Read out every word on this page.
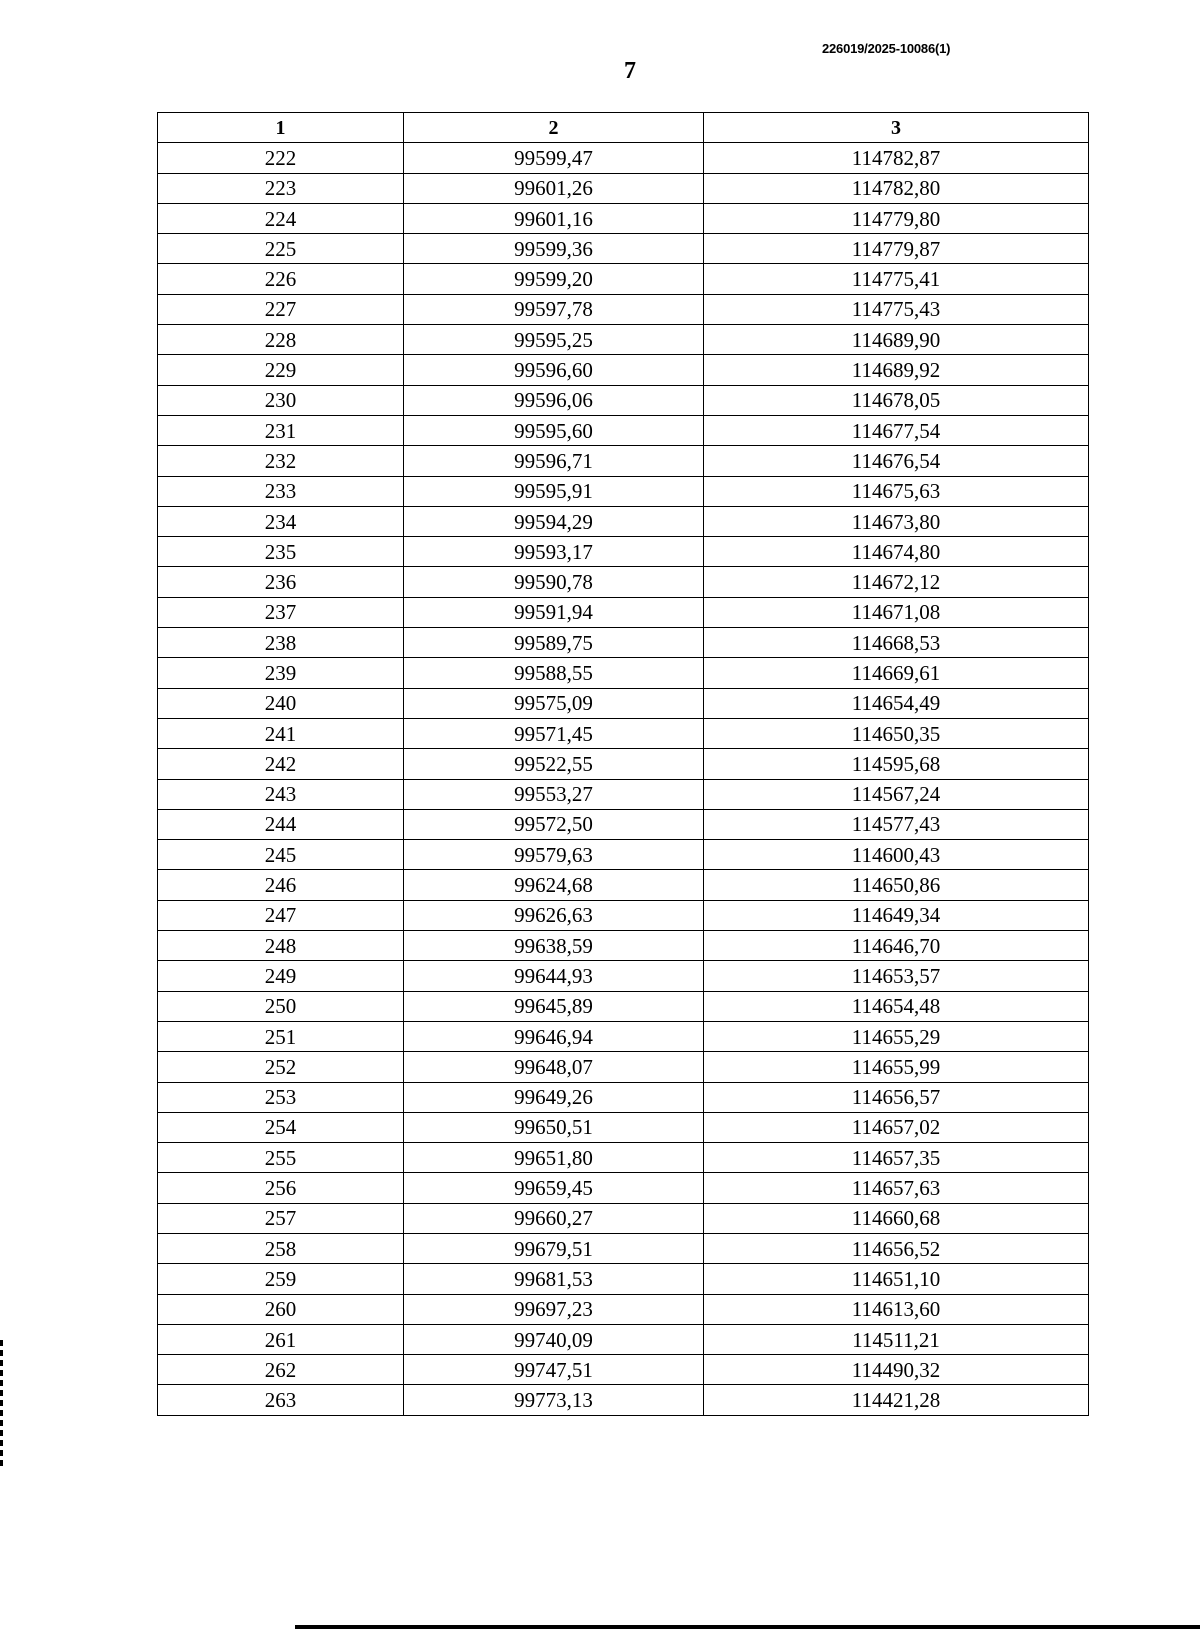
226019/2025-10086(1)
7
1	2	3
222	99599,47	114782,87
223	99601,26	114782,80
224	99601,16	114779,80
225	99599,36	114779,87
226	99599,20	114775,41
227	99597,78	114775,43
228	99595,25	114689,90
229	99596,60	114689,92
230	99596,06	114678,05
231	99595,60	114677,54
232	99596,71	114676,54
233	99595,91	114675,63
234	99594,29	114673,80
235	99593,17	114674,80
236	99590,78	114672,12
237	99591,94	114671,08
238	99589,75	114668,53
239	99588,55	114669,61
240	99575,09	114654,49
241	99571,45	114650,35
242	99522,55	114595,68
243	99553,27	114567,24
244	99572,50	114577,43
245	99579,63	114600,43
246	99624,68	114650,86
247	99626,63	114649,34
248	99638,59	114646,70
249	99644,93	114653,57
250	99645,89	114654,48
251	99646,94	114655,29
252	99648,07	114655,99
253	99649,26	114656,57
254	99650,51	114657,02
255	99651,80	114657,35
256	99659,45	114657,63
257	99660,27	114660,68
258	99679,51	114656,52
259	99681,53	114651,10
260	99697,23	114613,60
261	99740,09	114511,21
262	99747,51	114490,32
263	99773,13	114421,28
